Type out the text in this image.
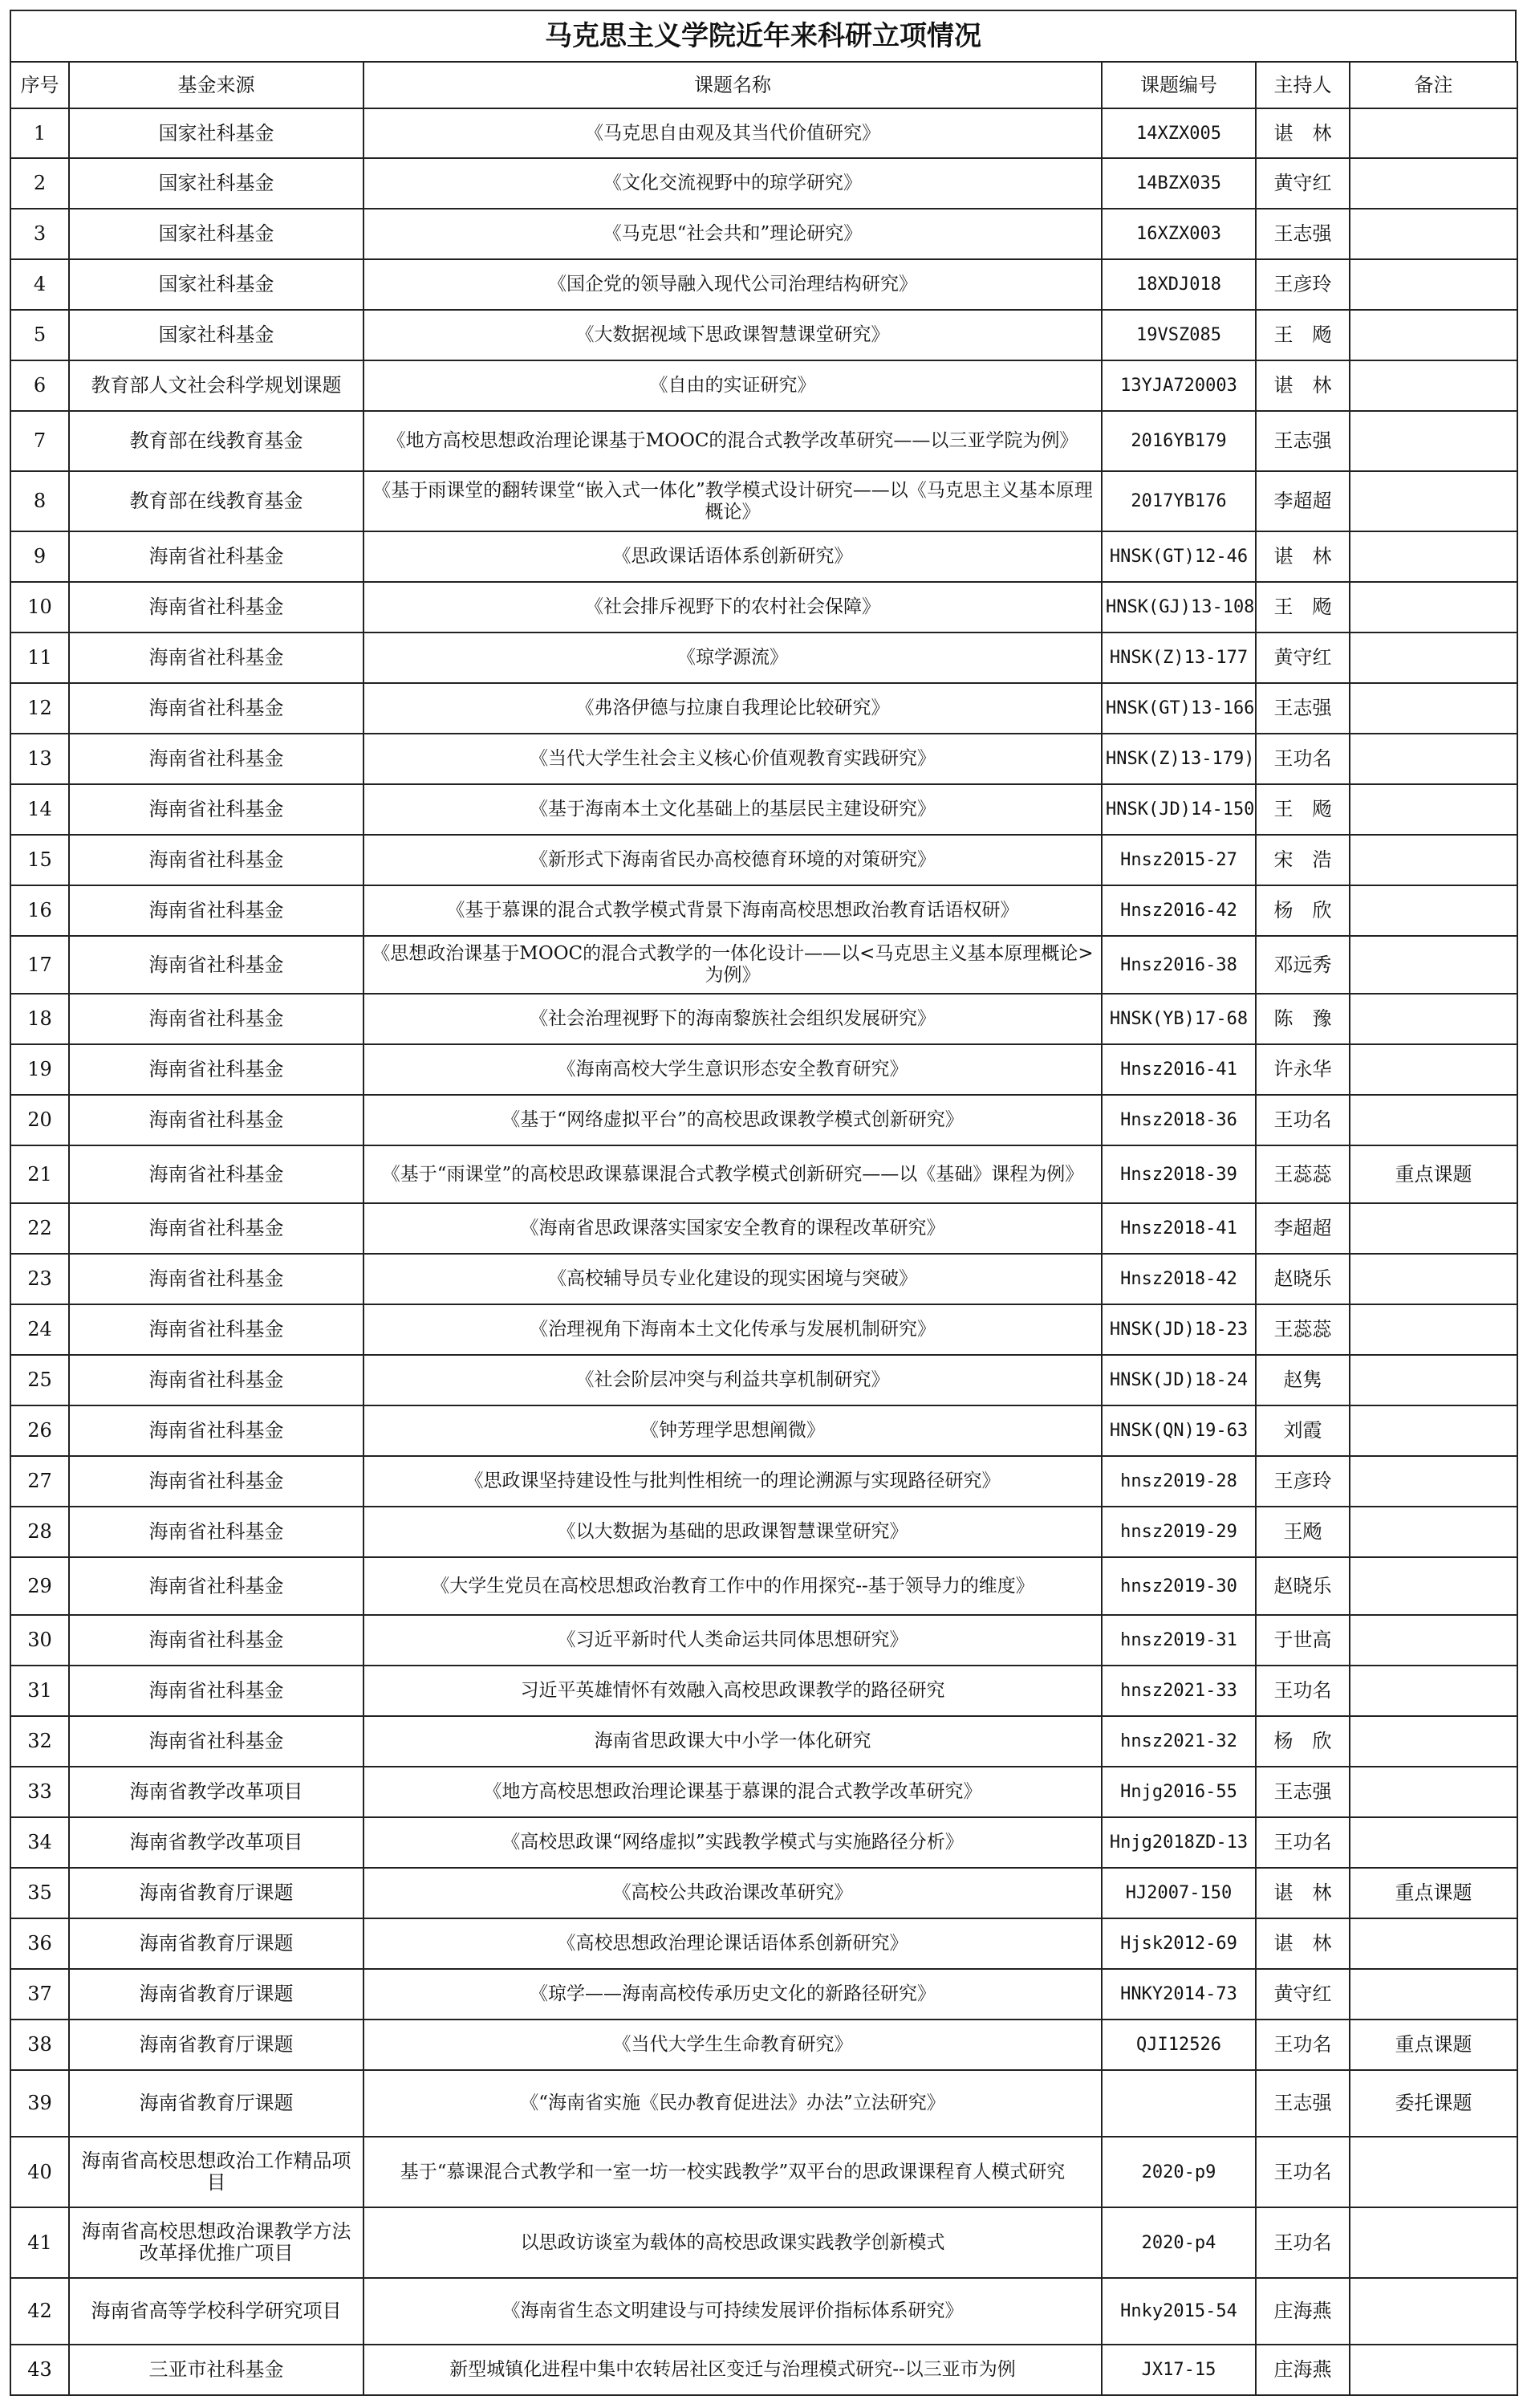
马克思主义学院近年来科研立项情况
序号	基金来源	课题名称	课题编号	主持人	备注
1	国家社科基金	《马克思自由观及其当代价值研究》	14XZX005	谌　林	
2	国家社科基金	《文化交流视野中的琼学研究》	14BZX035	黄守红	
3	国家社科基金	《马克思“社会共和”理论研究》	16XZX003	王志强	
4	国家社科基金	《国企党的领导融入现代公司治理结构研究》	18XDJ018	王彦玲	
5	国家社科基金	《大数据视域下思政课智慧课堂研究》	19VSZ085	王　飏	
6	教育部人文社会科学规划课题	《自由的实证研究》	13YJA720003	谌　林	
7	教育部在线教育基金	《地方高校思想政治理论课基于MOOC的混合式教学改革研究——以三亚学院为例》	2016YB179	王志强	
8	教育部在线教育基金	《基于雨课堂的翻转课堂“嵌入式一体化”教学模式设计研究——以《马克思主义基本原理概论》	2017YB176	李超超	
9	海南省社科基金	《思政课话语体系创新研究》	HNSK(GT)12-46	谌　林	
10	海南省社科基金	《社会排斥视野下的农村社会保障》	HNSK(GJ)13-108	王　飏	
11	海南省社科基金	《琼学源流》	HNSK(Z)13-177	黄守红	
12	海南省社科基金	《弗洛伊德与拉康自我理论比较研究》	HNSK(GT)13-166	王志强	
13	海南省社科基金	《当代大学生社会主义核心价值观教育实践研究》	HNSK(Z)13-179)	王功名	
14	海南省社科基金	《基于海南本土文化基础上的基层民主建设研究》	HNSK(JD)14-150	王　飏	
15	海南省社科基金	《新形式下海南省民办高校德育环境的对策研究》	Hnsz2015-27	宋　浩	
16	海南省社科基金	《基于慕课的混合式教学模式背景下海南高校思想政治教育话语权研》	Hnsz2016-42	杨　欣	
17	海南省社科基金	《思想政治课基于MOOC的混合式教学的一体化设计——以<马克思主义基本原理概论>为例》	Hnsz2016-38	邓远秀	
18	海南省社科基金	《社会治理视野下的海南黎族社会组织发展研究》	HNSK(YB)17-68	陈　豫	
19	海南省社科基金	《海南高校大学生意识形态安全教育研究》	Hnsz2016-41	许永华	
20	海南省社科基金	《基于“网络虚拟平台”的高校思政课教学模式创新研究》	Hnsz2018-36	王功名	
21	海南省社科基金	《基于“雨课堂”的高校思政课慕课混合式教学模式创新研究——以《基础》课程为例》	Hnsz2018-39	王蕊蕊	重点课题
22	海南省社科基金	《海南省思政课落实国家安全教育的课程改革研究》	Hnsz2018-41	李超超	
23	海南省社科基金	《高校辅导员专业化建设的现实困境与突破》	Hnsz2018-42	赵晓乐	
24	海南省社科基金	《治理视角下海南本土文化传承与发展机制研究》	HNSK(JD)18-23	王蕊蕊	
25	海南省社科基金	《社会阶层冲突与利益共享机制研究》	HNSK(JD)18-24	赵隽	
26	海南省社科基金	《钟芳理学思想阐微》	HNSK(QN)19-63	刘霞	
27	海南省社科基金	《思政课坚持建设性与批判性相统一的理论溯源与实现路径研究》	hnsz2019-28	王彦玲	
28	海南省社科基金	《以大数据为基础的思政课智慧课堂研究》	hnsz2019-29	王飏	
29	海南省社科基金	《大学生党员在高校思想政治教育工作中的作用探究--基于领导力的维度》	hnsz2019-30	赵晓乐	
30	海南省社科基金	《习近平新时代人类命运共同体思想研究》	hnsz2019-31	于世高	
31	海南省社科基金	习近平英雄情怀有效融入高校思政课教学的路径研究	hnsz2021-33	王功名	
32	海南省社科基金	海南省思政课大中小学一体化研究	hnsz2021-32	杨　欣	
33	海南省教学改革项目	《地方高校思想政治理论课基于慕课的混合式教学改革研究》	Hnjg2016-55	王志强	
34	海南省教学改革项目	《高校思政课“网络虚拟”实践教学模式与实施路径分析》	Hnjg2018ZD-13	王功名	
35	海南省教育厅课题	《高校公共政治课改革研究》	HJ2007-150	谌　林	重点课题
36	海南省教育厅课题	《高校思想政治理论课话语体系创新研究》	Hjsk2012-69	谌　林	
37	海南省教育厅课题	《琼学——海南高校传承历史文化的新路径研究》	HNKY2014-73	黄守红	
38	海南省教育厅课题	《当代大学生生命教育研究》	QJI12526	王功名	重点课题
39	海南省教育厅课题	《“海南省实施《民办教育促进法》办法”立法研究》		王志强	委托课题
40	海南省高校思想政治工作精品项目	基于“慕课混合式教学和一室一坊一校实践教学”双平台的思政课课程育人模式研究	2020-p9	王功名	
41	海南省高校思想政治课教学方法改革择优推广项目	以思政访谈室为载体的高校思政课实践教学创新模式	2020-p4	王功名	
42	海南省高等学校科学研究项目	《海南省生态文明建设与可持续发展评价指标体系研究》	Hnky2015-54	庄海燕	
43	三亚市社科基金	新型城镇化进程中集中农转居社区变迁与治理模式研究--以三亚市为例	JX17-15	庄海燕	
